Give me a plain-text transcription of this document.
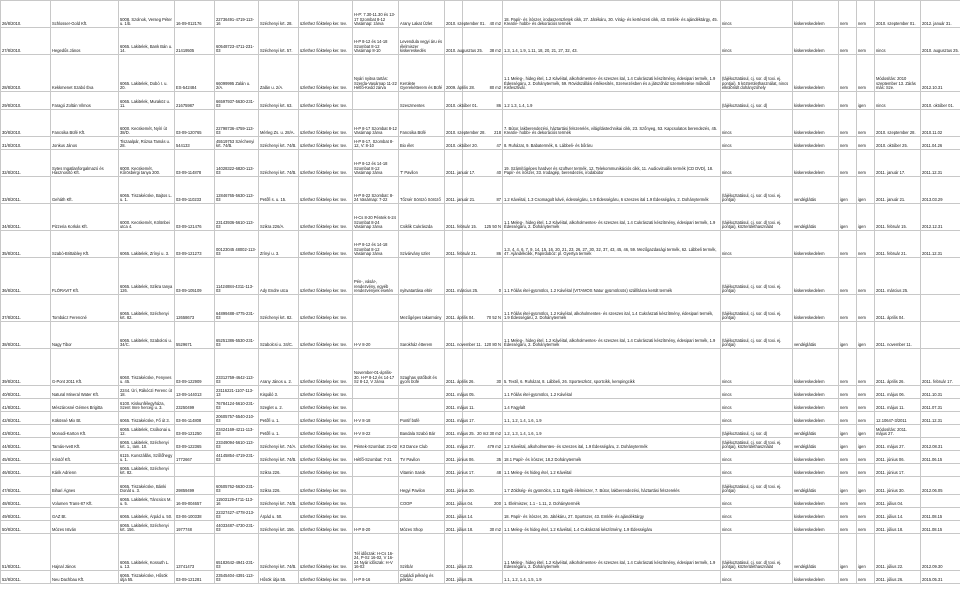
26/8/2010.	Schlosser-Gold Kft.	5008. Szolnok, Verseg Péter u. 1/b.	16-09-012176	22736491-4719-113-16	Széchenyi krt. 28.	üzlethez fióktelep ker. tev.	H-P: 7.30-11.30 és 13-17 Szombat 8-12 Vasárnap: zárva	Arany Lakat Üzlet	2010. szeptember 01.	40 m2	18. Papír- és írószer, irodaszerüzletek cikk, 27. Játékáru, 30. Virág- és kertészeti cikk, 43. Emlék- és ajándéktárgy, 45. Kreatív- hobbi- és dekorációs termék	nincs	kiskereskedelem	nem	nem	2010. szeptember 01.	2012. január 31.
27/8/2010.	Hegedűs János	6065. Lakitelek, Bank Bán u. 14.	21419505	60548723-4711-231-03	Széchenyi krt. 57.	üzlethez fióktelep ker. tev.	H-P 8-12 és 14-18 Szombat 8-12 Vasárnap 8-10	Levendula vegyi áru és élelmiszer kiskereskedés	2010. augusztus 25.	38 m2	1.3, 1.4, 1.9, 1.11, 18, 20, 21, 27, 32, 43.	nincs	kiskereskedelem	nem	nem	nincs	2010. augusztus 25.
28/8/2010.	Kekkmenet Szabó Éva	6065. Lakitelek, Dobó I. u. 20.	ES-542484	66099995 Zalán u. 2/A.	Zalán u. 2/A.	üzlethez fióktelep ker. tev.	Nyári nyitva tartás: Szerda-Vasárnap 11-22 Hétfő-Kedd zárva	Kerülete Gyerekétterem és Büfé	2009. április 28.	80 m2	1.1 Meleg-, hideg étel, 1.2 Kávéital, alkoholmentes- és szeszes ital, 1.4 Cukrászati készítmény, édesipari termék, 1.9 Édességáru, 2. Dohánytermék, 59. Rövidszállási értékesítés, Szervezésben és a játszóház üzemeltetése működő Kisfesztivál.	(tájékoztatásul, cj. sor. d) toxi. ej. pontjai), 5 közterülethasználat, nincs elkülönült dohányzóhely	kiskereskedelem	nem	nem	Módosítás: 2010 szeptember 13. Zárás más: Sze.	2012.10.31
29/8/2010.	Faragó Zoltán Vilmos	6065. Lakitelek, Muraköz u. 11.	21675987	66597937-5630-231-03	Széchenyi krt. 63.	üzlethez fióktelep ker. tev.		Szeszmentes	2010. október 01.	86	1.2 1.3, 1.4, 1.9	(tájékoztatásul, cj. sor. d)	kiskereskedelem	nem	igen	nincs	2010. október 01.
30/8/2010.	Fancsika Büfé Kft.	6000. Kecskemét, Nyíri út 38/D.	03-09-120765	22798736-4759-113-03	Mérleg Zs. u. 28/A.	üzlethez fióktelep ker. tev.	H-P 8-17 Szombat 8-12 Vasárnap zárva	Fancsika Büfé	2010. szeptember 28.	218	7. Bútor, lakberendezési, háztartási felszerelés, világítástechnikai cikk, 23. Szőnyeg, 53. Kapcsolatos berendezés, 45. Kreatív- hobbi- és dekorációs termék	nincs	kiskereskedelem	nem	nem	2010. szeptember 28.	2010.11.02
31/8/2010.	Jonkus János	Tiszaalpár, Rózsa Tamás u. 28.	544133	45519753 Széchenyi krt. 74/B.	Széchenyi krt. 74/B.	üzlethez fióktelep ker. tev.	H-P 8-17, Szombat 8-12, V: 8-10	Bio élet	2010. október 20.	47	8. Ruházat, 9. Babatermék, 6. Lábbeli- és bőráru	nincs	kiskereskedelem	nem	nem	2010. október 25.	2011.04.26
32/8/2011.	Sytes Ingatlanforgalmazó és Hasznosító Kft.	6000. Kecskemét, Kőrösbérgi tanya 200.	03-09-114878	14028322-6820-113-03	Széchenyi krt. 74/B.	üzlethez fióktelep ker. tev.	H-P 8-12 és 14-18 Szombat 8-12 Vasárnap zárva	T' Pavilon	2011. január 17.	40	19. Számítógépes hardver és szoftver termék, 12. Telekommunikációs cikk, 11. Audiovizuális termék (CD DVD), 18. Papír- és írószer, 33. Irodagép, berendezés, irodabútor	nincs	kiskereskedelem	nem	nem	2011. január 17.	2011.12.31
33/8/2011.	Geháth Kft.	6065. Tiszakécske, Bajtos L. u. 1.	03-09-110233	12846765-5630-113-03	Petőfi s. u. 15.	üzlethez fióktelep ker. tev.	H-P 8-22 Szombat: 8-24 Vasárnap: 7-22	Tőzsér Sörözó Söröző	2011. január 21.	87	1.2 Kávéital, 1.3 Csomagolt kávé, édességáru, 1.9 Édességáru, 6 szeszes ital 1.9 Édességáru, 2. Dohánytermék	(tájékoztatásul, cj. sor. d) toxi. ej. pontjai)	vendéglátás	igen	igen	2011. január 21.	2013.03.29
34/8/2011.	Pizzeria Korkás Kft.	6000. Kecskemét, Kölönbei utca 4.	03-09-121476	23143936-5610-113-03	Szikra 226/A.	üzlethez fióktelep ker. tev.	H-Cs 8-20 Péntek 6-24 Szombat 8-24 Vasárnap zárva	Csiklik Cukrászda	2011. február 15.	125 50 N	1.1 Meleg-, hideg étel, 1.2 Kávéital, alkoholmentes- és szeszes ital, 1.4 Cukrászati készítmény, édesipari termék, 1.9 Édességáru, 2. Dohánytermék	(tájékoztatásul, cj. sor. d) toxi. ej. pontjai), közterülethasználat	vendéglátás	igen	igen	2011. február 15.	2012.12.31
35/8/2011.	Szabó-Brittabley Kft.	6065. Lakitelek, Zrínyi u. 3.	03-09-121273	00123045 48002-113-03	Zrínyi u. 3.	üzlethez fióktelep ker. tev.	H-P 8-12 és 14-18 Szombat 8-12 Vasárnap zárva	Szivárvány üzlet	2011. február 21.	86	1.3, 4, 4, 6, 7, 9, 14, 15, 16, 20, 21, 23, 26, 27, 30, 32, 37, 43, 45, 46, 59. Mezőgazdasági termék, 62. Lábbeli termék, 47. Ajándékcikk, Papírdobóz: pl. Gyertya termék	nincs	kiskereskedelem	nem	nem	2011. február 21.	2011.12.31
36/8/2011.	FLÓRAVIT Kft.	6065. Lakitelek, Szikra tanya 126.	03-09-105109	11424884-4311-113-03	Ady Endre utca	üzlethez fióktelep ker. tev.	Pén-, vásár-, rendezvény, egyéb rendezvények esetén	nyitvatartása eltér	2011. március 25.	0	1.1 Fóliás étel-gyümölcs, 1.2 Kávéital (VITAMOS Natur gyümölcsös) szállításra került termék	(tájékoztatásul, cj. sor. d) toxi. ej. pontjai)	kiskereskedelem	nem	nem	2011. március 25.	
37/8/2011.	Tombácz Ferencné	6065. Lakitelek, Széchenyi krt. 82.	12658673	64899488-4775-231-03	Széchenyi krt. 82.	üzlethez fióktelep ker. tev.		Mezőgépes takarmány	2011. április 04.	70 52 N	1.1 Fóliás étel-gyümölcs, 1.2 Kávéital, alkoholmentes- és szeszes ital, 1.4 Cukrászati készítmény, édesipari termék, 1.9 Édességáru, 2. Dohánytermék	(tájékoztatásul, cj. sor. d) toxi. ej. pontjai)	kiskereskedelem	nem	nem	2011. április 04.	
38/8/2011.	Nagy Tibor	6065. Lakitelek, Szabolcsi u. 34/C.	5529671	65251386-5530-231-03	Szabolcsi u. 34/C.	üzlethez fióktelep ker. tev.	H-V 8-20	Sarokház étterem	2011. november 11.	120 80 N	1.1 Meleg-, hideg étel, 1.2 Kávéital, alkoholmentes- és szeszes ital, 1.4 Cukrászati készítmény, édesipari termék, 1.9 Édességáru, 2. Dohánytermék	(tájékoztatásul, cj. sor. d) toxi. ej. pontjai)	vendéglátás	igen	igen	2011. november 11.	
39/8/2011.	G-Pont 2011 Kft.	6060. Tiszakécske, Fenyves u. 45.	03-09-122909	23312759-4642-113-03	Arany János u. 2.	üzlethez fióktelep ker. tev.	November-01-április-30. H-P 8-12 és 14-17 Sz 8-12, V zárva	Szaghas sütőbolt és gyors büfé	2011. április 26.	30	5. Textil, 6. Ruházat, 8. Lábbeli, 26. Sporteszköz, sportcikk, kempingcikk	nincs	kiskereskedelem	nem	nem	2011. április 26.	2011. február 17.
40/8/2011.	Natural Mineral Water Kft.	2244. Úri, Rákóczi Ferenc út 18.	13-09-144013	23116221-1107-113-13	Kispáló 3.	üzlethez fióktelep ker. tev.			2011. május 05.		1.1 Fóliás étel-gyümölcs, 1.2 Kávéital	nincs	kiskereskedelem	nem	nem	2011. május 06.	2011.10.31
41/8/2011.	Mészárosné Gémes Brigitta	6100. Kiskunfélegyháza, Szent Imre herceg u. 3.	23250499	76784124-5610-231-03	Szeglet u. 2.	üzlethez fióktelep ker. tev.			2011. május 11.		1.4 Fagylalt	nincs	kiskereskedelem	nem	nem	2011. május 11.	2011.07.31
42/8/2011.	Kökössé Mix Bt.	6065. Tiszakécske, Fő út 3.	03-06-114808	20605757-5540-210-03	Petőfi u. 1.	üzlethez fióktelep ker. tev.	H-V 8-18	Pontif büfé	2011. május 17.		1.1, 1.2, 1.4, 1.6, 1.9	nincs	kiskereskedelem	nem	nem	12.10647-3/2011	2011.12.31
43/8/2011.	Monodi-Karton Kft.	6065. Lakitelek, Csókonai u. 12.	03-09-121250	23424169-4211-113-03	Petőfi u. 1.	üzlethez fióktelep ker. tev.	H-V 8-22	Bandala Szabó Bár	2011. május 25.	20 m2 30 m2	1.2, 1.3, 1.4, 1.6, 1.9	(tájékoztatásul, cj. sor. d)	vendéglátás	igen	igen	Módosítás: 2011. május 27.	
44/8/2011.	Tamás-Ivett Kft.	6065. Lakitelek, Széchenyi krt. 1., Iam. 10.	03-09-122365	23349094-5610-113-03	Széchenyi krt. 74/A.	üzlethez fióktelep ker. tev.	Péntek-Szombat: 21-02	K3 Dance Club	2011. május 27.	479 m2	1.2 Kávéital, alkoholmentes- és szeszes ital, 1.9 Édességáru, 2. Dohánytermék	(tájékoztatásul, cj. sor. d) toxi. ej. pontjai), közterülethasználat	vendéglátás	igen	igen	2011. május 27.	2012.08.31
45/8/2011.	Kristóf Kft.	6115. Kunszállás, Szőlőhegy u. 1.	1772667	44145854-4719-231-03	Széchenyi krt. 74/B.	üzlethez fióktelep ker. tev.	Hétfő-Szombat: 7-21	TV Pavilon	2011. június 06.	35	18.1 Papír- és írószer, 18.2 Dohánytermék	nincs	kiskereskedelem	nem	nem	2011. június 06.	2011.06.15
46/8/2011.	Kárik Adrienn	6065. Lakitelek, Széchenyi krt. 82.			Szikra 226.	üzlethez fióktelep ker. tev.		Vitamin Sarok	2011. június 17.	48	1.1 Meleg- és hideg étel, 1.2 Kávéital	nincs	kiskereskedelem	nem	nem	2011. június 17.	
47/8/2011.	Bihari Ágnes	6065. Tiszakécske, Bánki Donát u. 3.	29859499	60505762-5630-231-03	Szikra 226.	üzlethez fióktelep ker. tev.		Hegyi Pavilon	2011. június 30.		1.7 Zöldség- és gyümölcs, 1.11 Egyéb élelmiszer, 7. Bútor, lakberendezési, háztartási felszerelés	(tájékoztatásul, cj. sor. d) toxi. ej. pontjai)	vendéglátás	igen	igen	2011. június 30.	2012.06.05
48/8/2011.	Volumen Trans-87 Kft.	6065. Lakitelek, Táncsics M. u. 5.	16-09-004657	11503129-4711-113-16	Széchenyi krt. 74/B.	üzlethez fióktelep ker. tev.		COOP	2011. július 04.	200	1. Élelmiszer, 1.1 - 1.11, 2. Dohánytermék	nincs	kiskereskedelem	nem	nem	2011. július 04.	
49/8/2011.	GAZ Bt.	6065. Lakitelek, Árpád u. 50.	03-06-100338	22327427-4778-213-03	Árpád u. 50.	üzlethez fióktelep ker. tev.			2011. július 14.		18. Papír- és írószer, 26. Játékáru, 27. Sportszer, 43. Emlék- és ajándéktárgy	nincs	kiskereskedelem	nem	nem	2011. július 14.	2011.08.15
50/8/2011.	Mózes István	6065. Lakitelek, Széchenyi krt. 156.	1977748	44033487-4730-231-03	Széchenyi krt. 156.	üzlethez fióktelep ker. tev.	H-P 8-20	Mózes Shop	2011. július 18.	30 m2	1.1 Meleg- és hideg étel, 1.2 Kávéital, 1.4 Cukrászati készítmény, 1.9 Édességáru	nincs	kiskereskedelem	nem	nem	2011. július 18.	2011.08.15
51/8/2011.	Hajnal János	6065. Lakitelek, Kossuth L. u. 13.	13741473	65182642-4941-231-03	Széchenyi krt. 74/B.	üzlethez fióktelep ker. tev.	Tél időszak: H-Cs 16-24, P-Sz 16-02, V 16-24 Nyár időszak: H-V 16-02	Szirbár	2011. július 22.		1.1 Meleg-, hideg étel, 1.2 Kávéital, alkoholmentes- és szeszes ital, 1.4 Cukrászati készítmény, édesipari termék, 1.9 Édességáru, 2. Dohánytermék	(tájékoztatásul, cj. sor. d) toxi. ej. pontjai), közterülethasználat	vendéglátás	igen	igen	2011. július 22.	2012.09.30
52/8/2011.	Neu Dachbau Kft.	6065. Tiszakécske, Hősök útja 55.	03-09-121281	23545404-4391-113-03	Hősök útja 55.	üzlethez fióktelep ker. tev.	H-P 8-16	Családi pékség és pékáru	2011. július 26.		1.1, 1.2, 1.4, 1.5, 1.9	nincs	kiskereskedelem	nem	nem	2011. július 26.	2015.05.31
